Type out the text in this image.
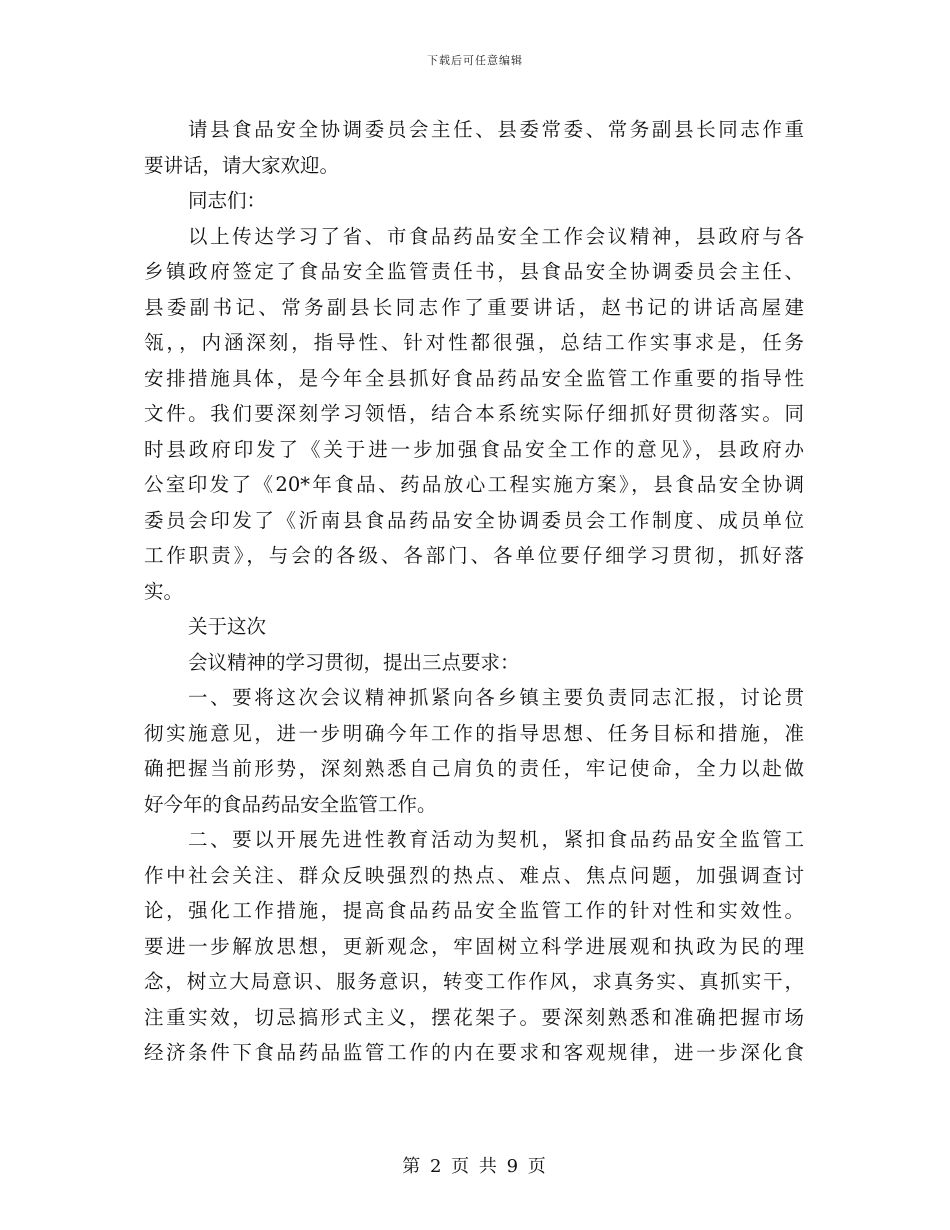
下载后可任意编辑
请县食品安全协调委员会主任、县委常委、常务副县长同志作重
要讲话，请大家欢迎。
同志们：
以上传达学习了省、市食品药品安全工作会议精神，县政府与各
乡镇政府签定了食品安全监管责任书，县食品安全协调委员会主任、
县委副书记、常务副县长同志作了重要讲话，赵书记的讲话高屋建
瓴，，内涵深刻，指导性、针对性都很强，总结工作实事求是，任务
安排措施具体，是今年全县抓好食品药品安全监管工作重要的指导性
文件。我们要深刻学习领悟，结合本系统实际仔细抓好贯彻落实。同
时县政府印发了《关于进一步加强食品安全工作的意见》，县政府办
公室印发了《20*年食品、药品放心工程实施方案》，县食品安全协调
委员会印发了《沂南县食品药品安全协调委员会工作制度、成员单位
工作职责》，与会的各级、各部门、各单位要仔细学习贯彻，抓好落
实。
关于这次
会议精神的学习贯彻，提出三点要求：
一、要将这次会议精神抓紧向各乡镇主要负责同志汇报，讨论贯
彻实施意见，进一步明确今年工作的指导思想、任务目标和措施，准
确把握当前形势，深刻熟悉自己肩负的责任，牢记使命，全力以赴做
好今年的食品药品安全监管工作。
二、要以开展先进性教育活动为契机，紧扣食品药品安全监管工
作中社会关注、群众反映强烈的热点、难点、焦点问题，加强调查讨
论，强化工作措施，提高食品药品安全监管工作的针对性和实效性。
要进一步解放思想，更新观念，牢固树立科学进展观和执政为民的理
念，树立大局意识、服务意识，转变工作作风，求真务实、真抓实干，
注重实效，切忌搞形式主义，摆花架子。要深刻熟悉和准确把握市场
经济条件下食品药品监管工作的内在要求和客观规律，进一步深化食
第 2 页 共 9 页
